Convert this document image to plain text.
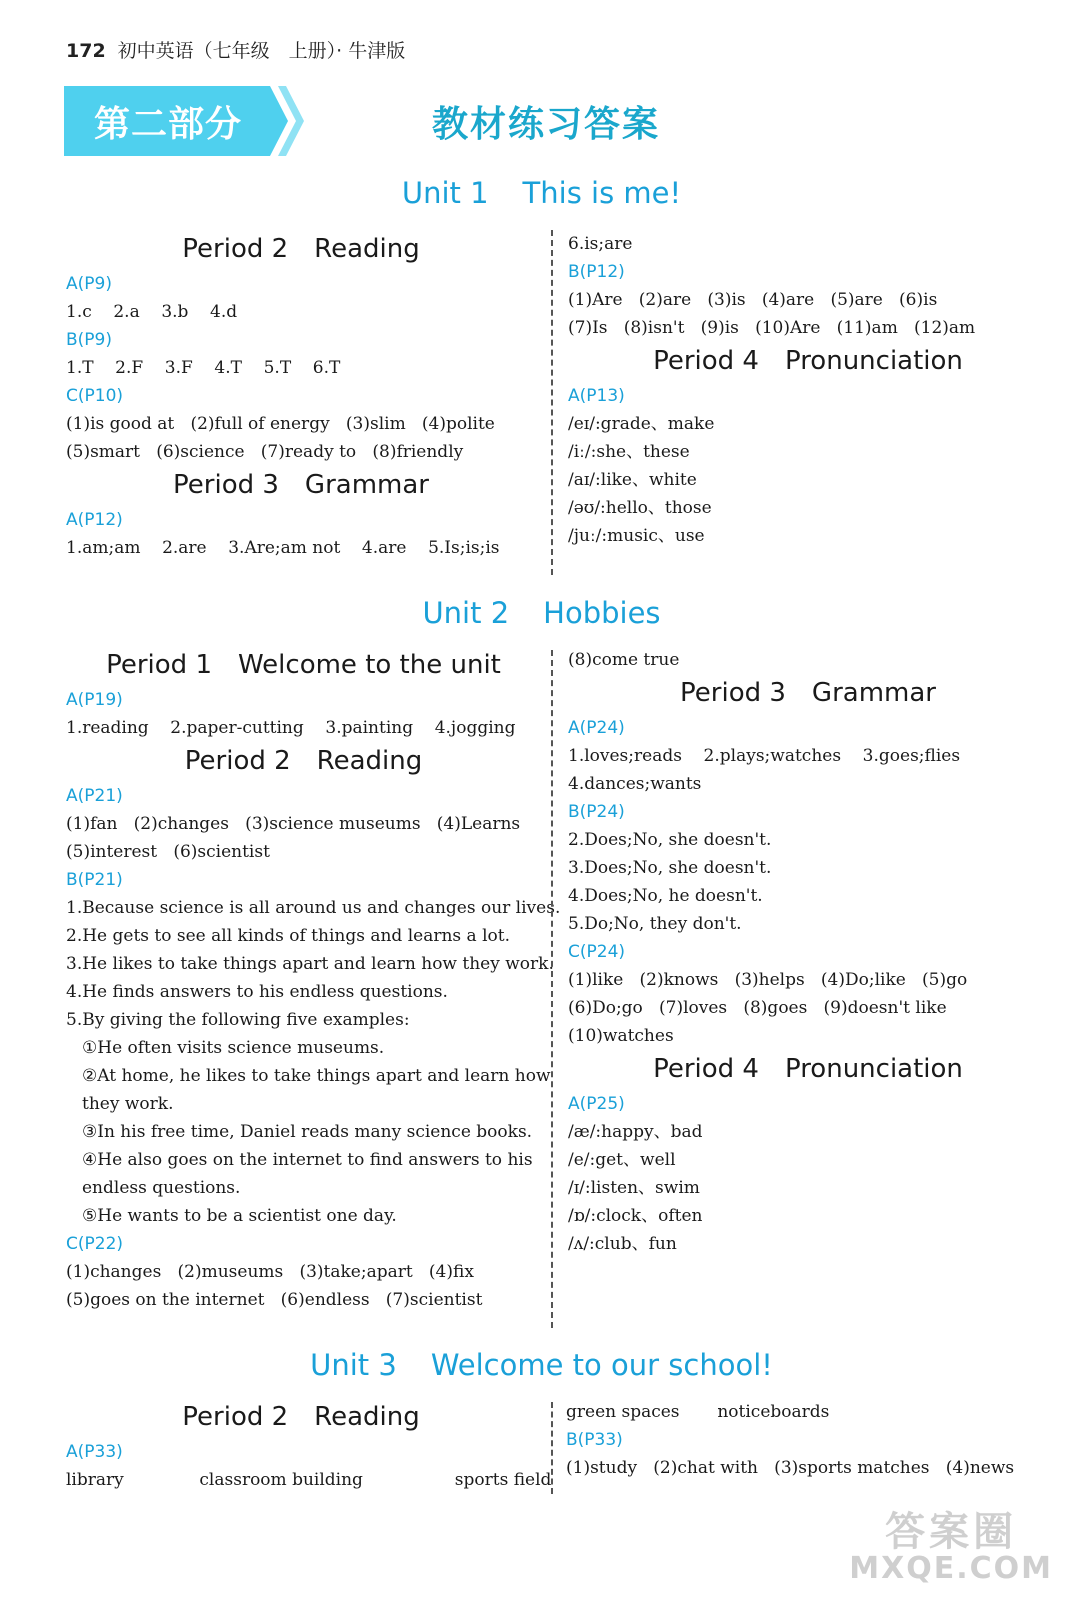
172 初中英语（七年级　上册）· 牛津版
第二部分	教材练习答案
Unit 1 This is me!
Period 2 Reading
A(P9)
1.c    2.a    3.b    4.d
B(P9)
1.T    2.F    3.F    4.T    5.T    6.T
C(P10)
(1)is good at   (2)full of energy   (3)slim   (4)polite
(5)smart   (6)science   (7)ready to   (8)friendly
Period 3 Grammar
A(P12)
1.am;am    2.are    3.Are;am not    4.are    5.Is;is;is
6.is;are
B(P12)
(1)Are   (2)are   (3)is   (4)are   (5)are   (6)is
(7)Is   (8)isn't   (9)is   (10)Are   (11)am   (12)am
Period 4 Pronunciation
A(P13)
/eɪ/:grade、make
/iː/:she、these
/aɪ/:like、white
/əʊ/:hello、those
/juː/:music、use
Unit 2 Hobbies
Period 1 Welcome to the unit
A(P19)
1.reading    2.paper-cutting    3.painting    4.jogging
Period 2 Reading
A(P21)
(1)fan   (2)changes   (3)science museums   (4)Learns
(5)interest   (6)scientist
B(P21)
1.Because science is all around us and changes our lives.
2.He gets to see all kinds of things and learns a lot.
3.He likes to take things apart and learn how they work.
4.He finds answers to his endless questions.
5.By giving the following five examples:
①He often visits science museums.
②At home, he likes to take things apart and learn how
they work.
③In his free time, Daniel reads many science books.
④He also goes on the internet to find answers to his
endless questions.
⑤He wants to be a scientist one day.
C(P22)
(1)changes   (2)museums   (3)take;apart   (4)fix
(5)goes on the internet   (6)endless   (7)scientist
(8)come true
Period 3 Grammar
A(P24)
1.loves;reads    2.plays;watches    3.goes;flies
4.dances;wants
B(P24)
2.Does;No, she doesn't.
3.Does;No, she doesn't.
4.Does;No, he doesn't.
5.Do;No, they don't.
C(P24)
(1)like   (2)knows   (3)helps   (4)Do;like   (5)go
(6)Do;go   (7)loves   (8)goes   (9)doesn't like
(10)watches
Period 4 Pronunciation
A(P25)
/æ/:happy、bad
/e/:get、well
/ɪ/:listen、swim
/ɒ/:clock、often
/ʌ/:club、fun
Unit 3 Welcome to our school!
Period 2 Reading
A(P33)
library              classroom building                 sports field
green spaces       noticeboards
B(P33)
(1)study   (2)chat with   (3)sports matches   (4)news
答案圈
MXQE.COM
